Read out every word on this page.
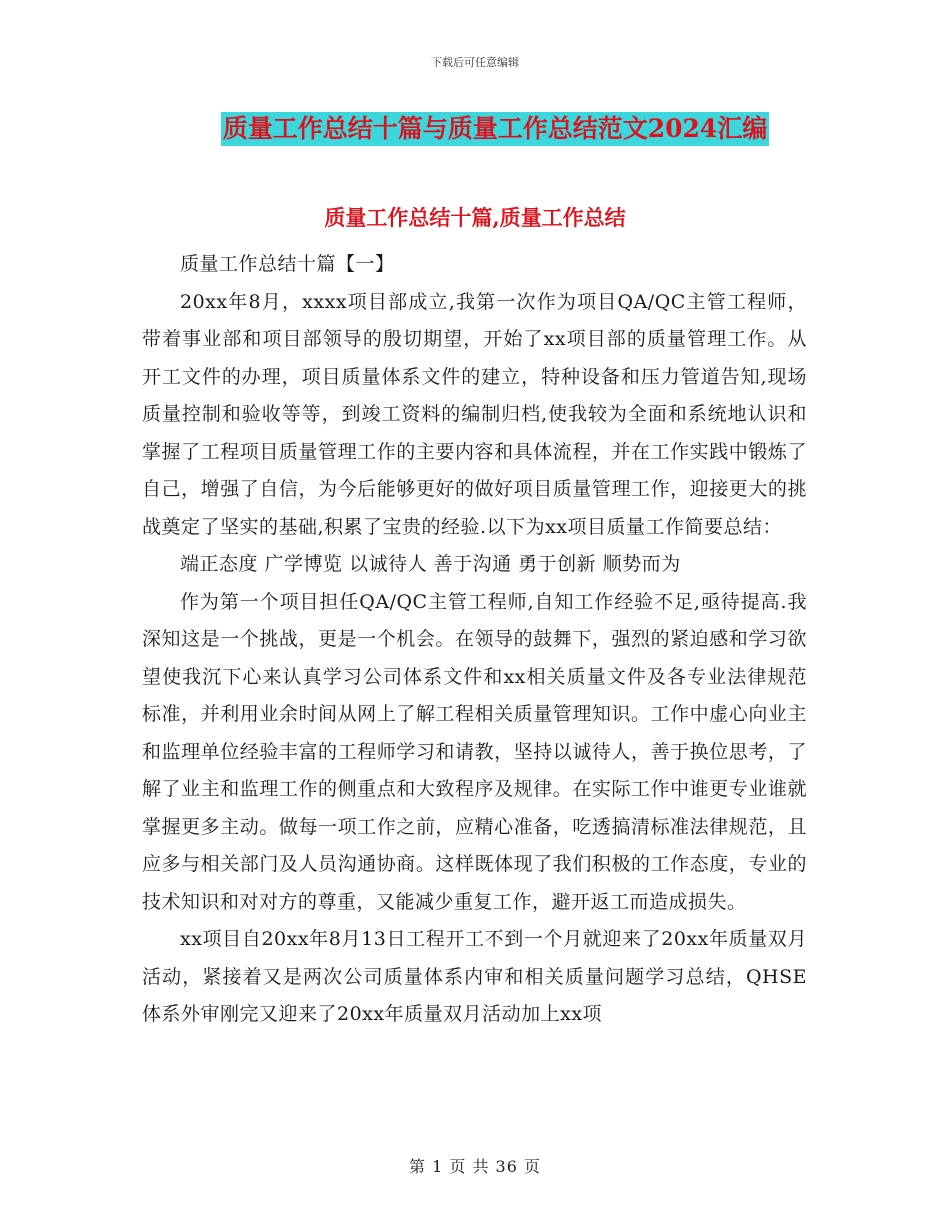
下载后可任意编辑
质量工作总结十篇与质量工作总结范文2024汇编
质量工作总结十篇,质量工作总结

质量工作总结十篇【一】

20xx年8月，xxxx项目部成立,我第一次作为项目QA/QC主管工程师，带着事业部和项目部领导的殷切期望，开始了xx项目部的质量管理工作。从开工文件的办理，项目质量体系文件的建立，特种设备和压力管道告知,现场质量控制和验收等等，到竣工资料的编制归档,使我较为全面和系统地认识和掌握了工程项目质量管理工作的主要内容和具体流程，并在工作实践中锻炼了自己，增强了自信，为今后能够更好的做好项目质量管理工作，迎接更大的挑战奠定了坚实的基础,积累了宝贵的经验.以下为xx项目质量工作简要总结：

端正态度 广学博览 以诚待人 善于沟通 勇于创新 顺势而为

作为第一个项目担任QA/QC主管工程师,自知工作经验不足,亟待提高.我深知这是一个挑战，更是一个机会。在领导的鼓舞下，强烈的紧迫感和学习欲望使我沉下心来认真学习公司体系文件和xx相关质量文件及各专业法律规范标准，并利用业余时间从网上了解工程相关质量管理知识。工作中虚心向业主和监理单位经验丰富的工程师学习和请教，坚持以诚待人，善于换位思考，了解了业主和监理工作的侧重点和大致程序及规律。在实际工作中谁更专业谁就掌握更多主动。做每一项工作之前，应精心准备，吃透搞清标准法律规范，且应多与相关部门及人员沟通协商。这样既体现了我们积极的工作态度，专业的技术知识和对对方的尊重，又能减少重复工作，避开返工而造成损失。

xx项目自20xx年8月13日工程开工不到一个月就迎来了20xx年质量双月活动，紧接着又是两次公司质量体系内审和相关质量问题学习总结，QHSE体系外审刚完又迎来了20xx年质量双月活动加上xx项

第 1 页 共 36 页
